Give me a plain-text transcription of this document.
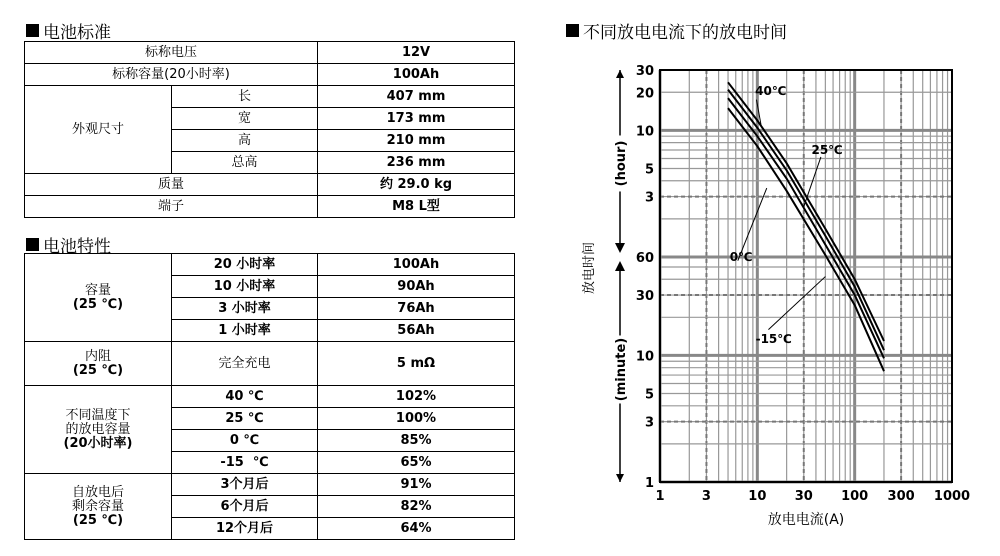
电池标准
标称电压		12V
标称容量(20小时率)		100Ah
外观尺寸	长	407 mm
	宽	173 mm
	高	210 mm
	总高	236 mm
质量		约 29.0 kg
端子		M8 L型
电池特性
容量
(25 ℃)	20 小时率	100Ah
	10 小时率	90Ah
	3 小时率	76Ah
	1 小时率	56Ah
内阻
(25 ℃)	完全充电	5 mΩ
不同温度下
的放电容量
(20小时率)	40 ℃	102%
	25 ℃	100%
	0 ℃	85%
	-15  ℃	65%
自放电后
剩余容量
(25 ℃)	3个月后	91%
	6个月后	82%
	12个月后	64%
不同放电电流下的放电时间
1	3	10 30 100 300 1000
30
20
10
5
3
60
30
10
5
3
1
(hour)
(minute)
放电时间
放电电流(A)
40℃
25℃
0℃
-15℃
